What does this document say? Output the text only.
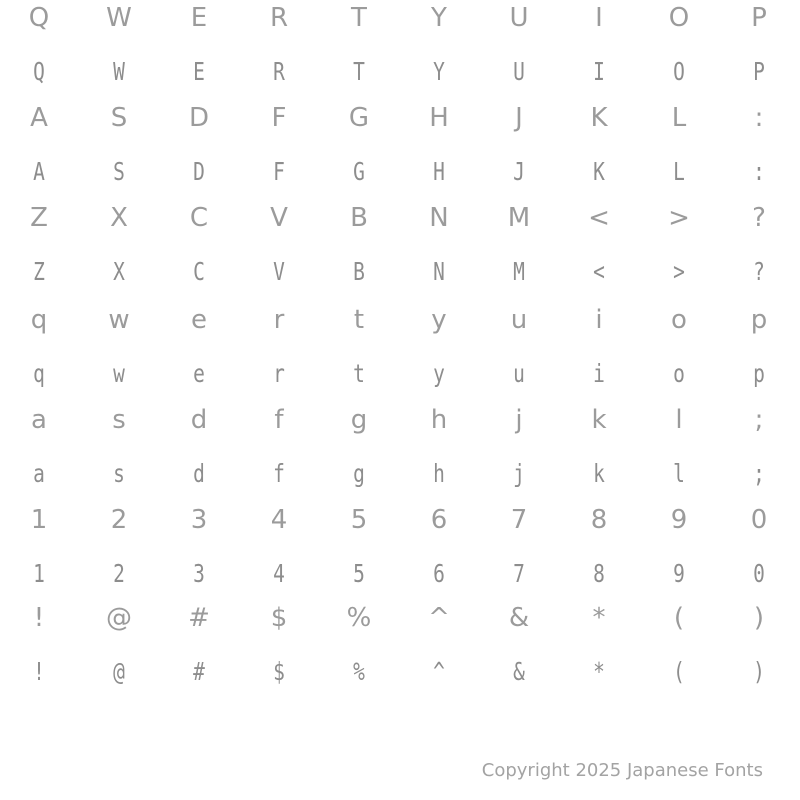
Q
Q
W
W
E
E
R
R
T
T
Y
Y
U
U
I
I
O
O
P
P
A
A
S
S
D
D
F
F
G
G
H
H
J
J
K
K
L
L
:
:
Z
Z
X
X
C
C
V
V
B
B
N
N
M
M
<
<
>
>
?
?
q
q
w
w
e
e
r
r
t
t
y
y
u
u
i
i
o
o
p
p
a
a
s
s
d
d
f
f
g
g
h
h
j
j
k
k
l
l
;
;
1
1
2
2
3
3
4
4
5
5
6
6
7
7
8
8
9
9
0
0
!
!
@
@
#
#
$
$
%
%
^
^
&
&
*
*
(
(
)
)
Copyright 2025 Japanese Fonts
